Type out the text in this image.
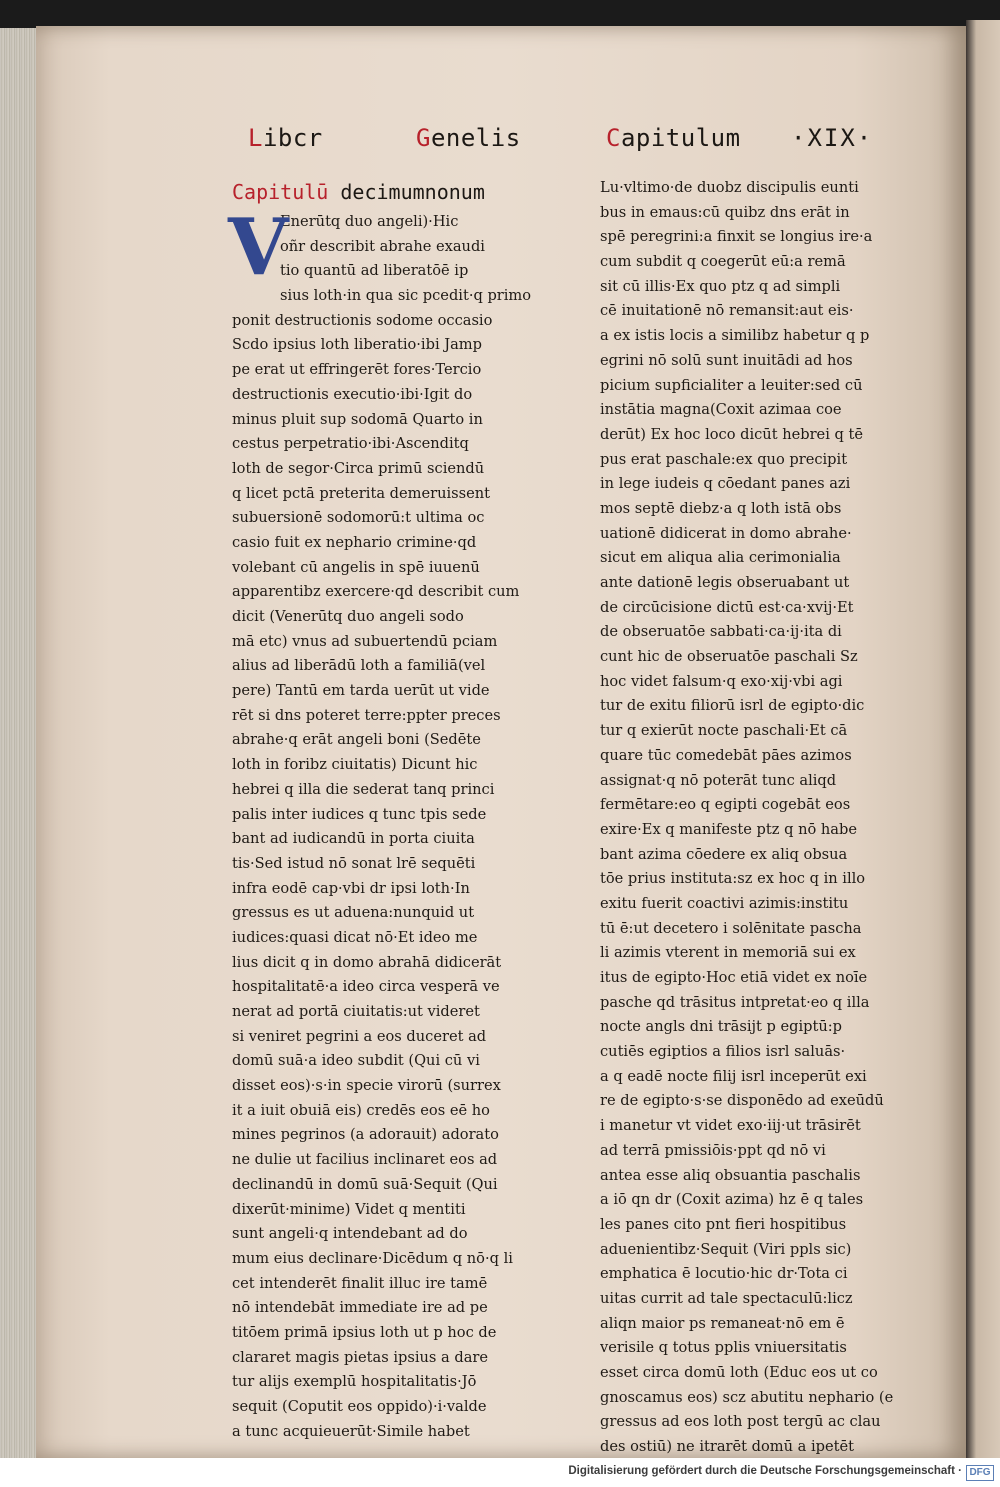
Libcr	Genelis	Capitulum ·XIX·
Capitulū decimumnonum
V
Enerūtq duo angeli)·Hic
oñr describit abrahe exaudi
tio quantū ad liberatōē ip
sius loth·in qua sic pcedit·q primo
ponit destructionis sodome occasio
Scdo ipsius loth liberatio·ibi Jamp
pe erat ut effringerēt fores·Tercio
destructionis executio·ibi·Igit do
minus pluit sup sodomā Quarto in
cestus perpetratio·ibi·Ascenditq
loth de segor·Circa primū sciendū
q licet pctā preterita demeruissent
subuersionē sodomorū:t ultima oc
casio fuit ex nephario crimine·qd
volebant cū angelis in spē iuuenū
apparentibz exercere·qd describit cum
dicit (Venerūtq duo angeli sodo
mā etc) vnus ad subuertendū pciam
alius ad liberādū loth a familiā(vel
pere) Tantū em tarda uerūt ut vide
rēt si dns poteret terre:ppter preces
abrahe·q erāt angeli boni (Sedēte
loth in foribz ciuitatis) Dicunt hic
hebrei q illa die sederat tanq princi
palis inter iudices q tunc tpis sede
bant ad iudicandū in porta ciuita
tis·Sed istud nō sonat lrē sequēti
infra eodē cap·vbi dr ipsi loth·In
gressus es ut aduena:nunquid ut
iudices:quasi dicat nō·Et ideo me
lius dicit q in domo abrahā didicerāt
hospitalitatē·a ideo circa vesperā ve
nerat ad portā ciuitatis:ut videret
si veniret pegrini a eos duceret ad
domū suā·a ideo subdit (Qui cū vi
disset eos)·s·in specie virorū (surrex
it a iuit obuiā eis) credēs eos eē ho
mines pegrinos (a adorauit) adorato
ne dulie ut facilius inclinaret eos ad
declinandū in domū suā·Sequit (Qui
dixerūt·minime) Videt q mentiti
sunt angeli·q intendebant ad do
mum eius declinare·Dicēdum q nō·q li
cet intenderēt finalit illuc ire tamē
nō intendebāt immediate ire ad pe
titōem primā ipsius loth ut p hoc de
clararet magis pietas ipsius a dare
tur alijs exemplū hospitalitatis·Jō
sequit (Coputit eos oppido)·i·valde
a tunc acquieuerūt·Simile habet
Lu·vltimo·de duobz discipulis eunti
bus in emaus:cū quibz dns erāt in
spē peregrini:a finxit se longius ire·a
cum subdit q coegerūt eū:a remā
sit cū illis·Ex quo ptz q ad simpli
cē inuitationē nō remansit:aut eis·
a ex istis locis a similibz habetur q p
egrini nō solū sunt inuitādi ad hos
picium supficialiter a leuiter:sed cū
instātia magna(Coxit azimaa coe
derūt) Ex hoc loco dicūt hebrei q tē
pus erat paschale:ex quo precipit
in lege iudeis q cōedant panes azi
mos septē diebz·a q loth istā obs
uationē didicerat in domo abrahe·
sicut em aliqua alia cerimonialia
ante dationē legis obseruabant ut
de circūcisione dictū est·ca·xvij·Et
de obseruatōe sabbati·ca·ij·ita di
cunt hic de obseruatōe paschali Sz
hoc videt falsum·q exo·xij·vbi agi
tur de exitu filiorū isrl de egipto·dic
tur q exierūt nocte paschali·Et cā
quare tūc comedebāt pāes azimos
assignat·q nō poterāt tunc aliqd
fermētare:eo q egipti cogebāt eos
exire·Ex q manifeste ptz q nō habe
bant azima cōedere ex aliq obsua
tōe prius instituta:sz ex hoc q in illo
exitu fuerit coactivi azimis:institu
tū ē:ut decetero i solēnitate pascha
li azimis vterent in memoriā sui ex
itus de egipto·Hoc etiā videt ex noīe
pasche qd trāsitus intpretat·eo q illa
nocte angls dni trāsijt p egiptū:p
cutiēs egiptios a filios isrl saluās·
a q eadē nocte filij isrl inceperūt exi
re de egipto·s·se disponēdo ad exeūdū
i manetur vt videt exo·iij·ut trāsirēt
ad terrā pmissiōis·ppt qd nō vi
antea esse aliq obsuantia paschalis
a iō qn dr (Coxit azima) hz ē q tales
les panes cito pnt fieri hospitibus
aduenientibz·Sequit (Viri ppls sic)
emphatica ē locutio·hic dr·Tota ci
uitas currit ad tale spectaculū:licz
aliqn maior ps remaneat·nō em ē
verisile q totus pplis vniuersitatis
esset circa domū loth (Educ eos ut co
gnoscamus eos) scz abutitu nephario (e
gressus ad eos loth post tergū ac clau
des ostiū) ne itrarēt domū a ipetēt
Digitalisierung gefördert durch die Deutsche Forschungsgemeinschaft · DFG
